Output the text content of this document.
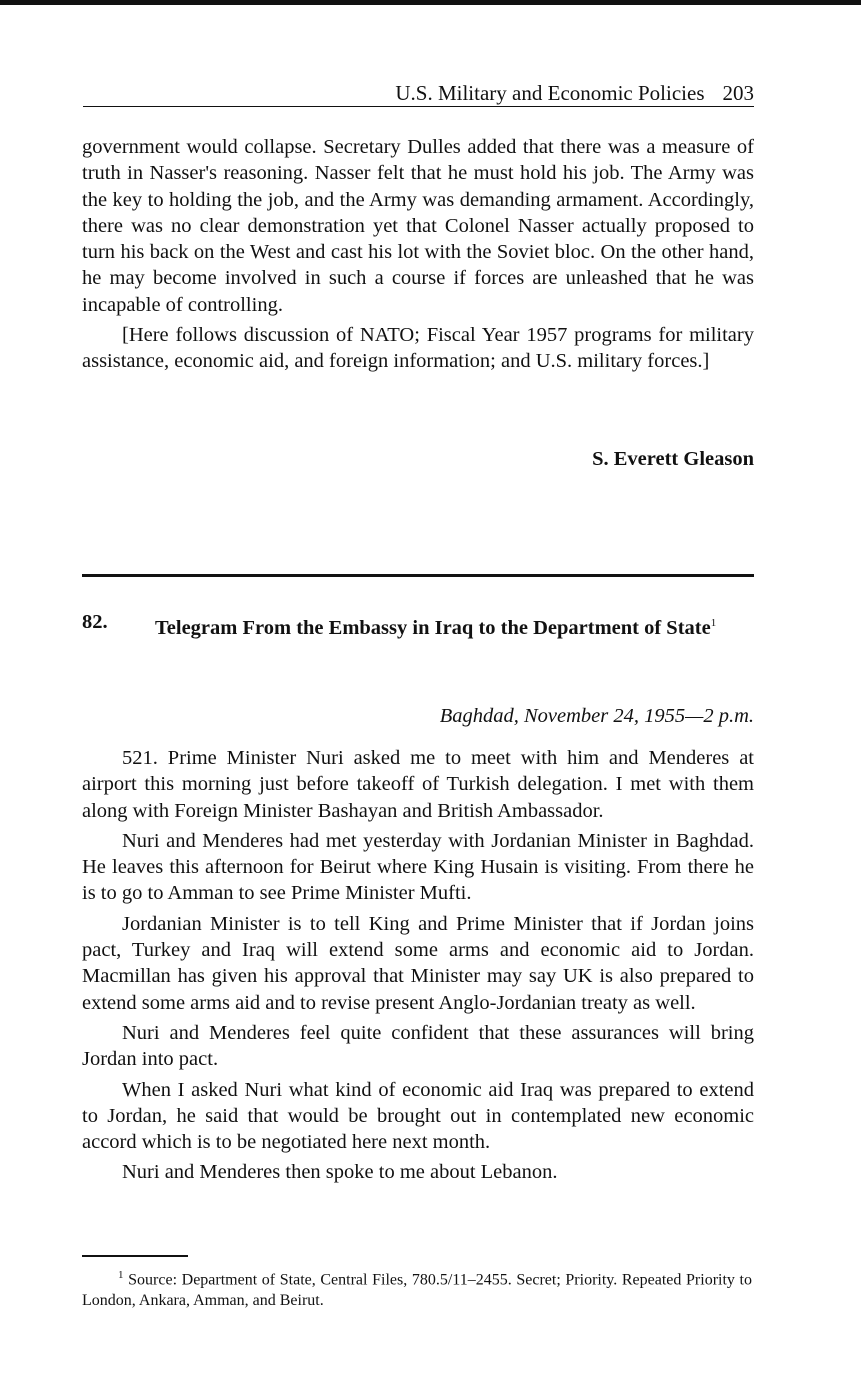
U.S. Military and Economic Policies 203

government would collapse. Secretary Dulles added that there was a measure of truth in Nasser's reasoning. Nasser felt that he must hold his job. The Army was the key to holding the job, and the Army was demanding armament. Accordingly, there was no clear demonstration yet that Colonel Nasser actually proposed to turn his back on the West and cast his lot with the Soviet bloc. On the other hand, he may become involved in such a course if forces are unleashed that he was incapable of controlling.

[Here follows discussion of NATO; Fiscal Year 1957 programs for military assistance, economic aid, and foreign information; and U.S. military forces.]

S. Everett Gleason
82. Telegram From the Embassy in Iraq to the Department of State$^1$
Baghdad, November 24, 1955—2 p.m.

521. Prime Minister Nuri asked me to meet with him and Menderes at airport this morning just before takeoff of Turkish delegation. I met with them along with Foreign Minister Bashayan and British Ambassador.

Nuri and Menderes had met yesterday with Jordanian Minister in Baghdad. He leaves this afternoon for Beirut where King Husain is visiting. From there he is to go to Amman to see Prime Minister Mufti.

Jordanian Minister is to tell King and Prime Minister that if Jordan joins pact, Turkey and Iraq will extend some arms and economic aid to Jordan. Macmillan has given his approval that Minister may say UK is also prepared to extend some arms aid and to revise present Anglo-Jordanian treaty as well.

Nuri and Menderes feel quite confident that these assurances will bring Jordan into pact.

When I asked Nuri what kind of economic aid Iraq was prepared to extend to Jordan, he said that would be brought out in contemplated new economic accord which is to be negotiated here next month.

Nuri and Menderes then spoke to me about Lebanon.

$^1$ Source: Department of State, Central Files, 780.5/11–2455. Secret; Priority. Repeated Priority to London, Ankara, Amman, and Beirut.
